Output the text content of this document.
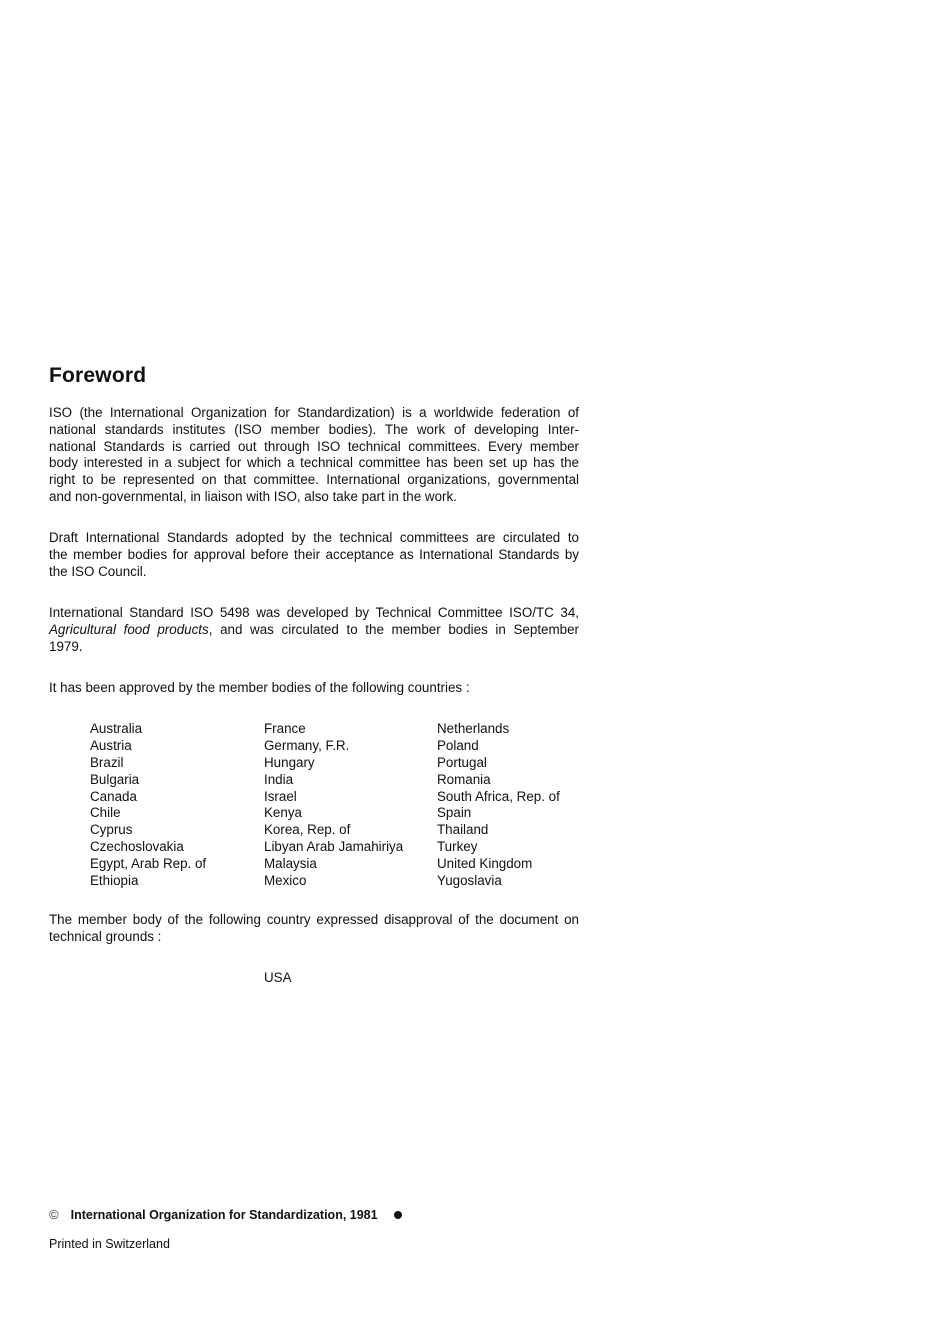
Foreword
ISO (the International Organization for Standardization) is a worldwide federation of
national standards institutes (ISO member bodies). The work of developing Inter-
national Standards is carried out through ISO technical committees. Every member
body interested in a subject for which a technical committee has been set up has the
right to be represented on that committee. International organizations, governmental
and non-governmental, in liaison with ISO, also take part in the work.
Draft International Standards adopted by the technical committees are circulated to
the member bodies for approval before their acceptance as International Standards by
the ISO Council.
International Standard ISO 5498 was developed by Technical Committee ISO/TC 34,
Agricultural food products, and was circulated to the member bodies in September
1979.
It has been approved by the member bodies of the following countries :
Australia
Austria
Brazil
Bulgaria
Canada
Chile
Cyprus
Czechoslovakia
Egypt, Arab Rep. of
Ethiopia
France
Germany, F.R.
Hungary
India
Israel
Kenya
Korea, Rep. of
Libyan Arab Jamahiriya
Malaysia
Mexico
Netherlands
Poland
Portugal
Romania
South Africa, Rep. of
Spain
Thailand
Turkey
United Kingdom
Yugoslavia
The member body of the following country expressed disapproval of the document on
technical grounds :
USA
© International Organization for Standardization, 1981
Printed in Switzerland
